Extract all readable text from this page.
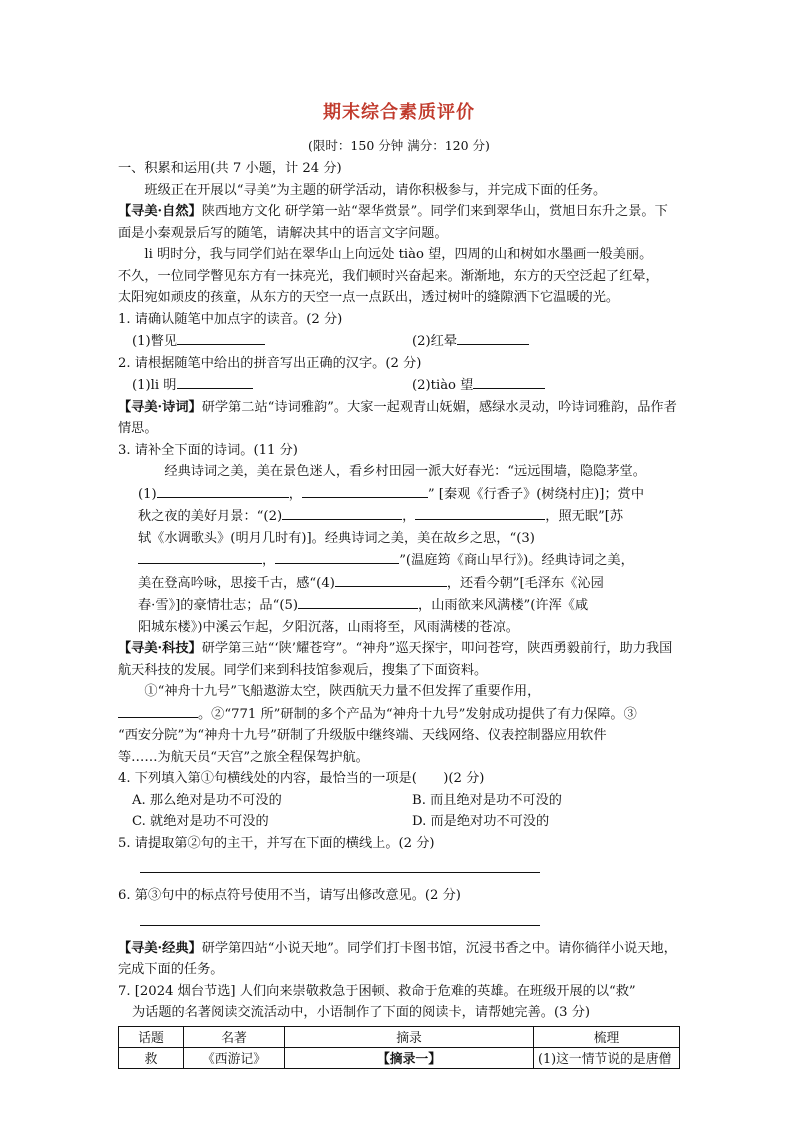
期末综合素质评价
(限时：150 分钟 满分：120 分)

一、积累和运用(共 7 小题，计 24 分)

班级正在开展以“寻美”为主题的研学活动，请你积极参与，并完成下面的任务。

【寻美·自然】陕西地方文化 研学第一站“翠华赏景”。同学们来到翠华山，赏旭日东升之景。下面是小秦观景后写的随笔，请解决其中的语言文字问题。

li 明时分，我与同学们站在翠华山上向远处 tiào 望，四周的山和树如水墨画一般美丽。

不久，一位同学瞥见东方有一抹亮光，我们顿时兴奋起来。渐渐地，东方的天空泛起了红晕，

太阳宛如顽皮的孩童，从东方的天空一点一点跃出，透过树叶的缝隙洒下它温暖的光。

1. 请确认随笔中加点字的读音。(2 分)

(1)瞥见	(2)红晕

2. 请根据随笔中给出的拼音写出正确的汉字。(2 分)

(1)li 明	(2)tiào 望

【寻美·诗词】研学第二站“诗词雅韵”。大家一起观青山妩媚，感绿水灵动，吟诗词雅韵，品作者情思。

3. 请补全下面的诗词。(11 分)

经典诗词之美，美在景色迷人，看乡村田园一派大好春光：“远远围墙，隐隐茅堂。

(1)	，	” [秦观《行香子》(树绕村庄)]；赏中

秋之夜的美好月景：“(2)	，	，照无眠”[苏

轼《水调歌头》(明月几时有)]。经典诗词之美，美在故乡之思，“(3)

，	”(温庭筠《商山早行》)。经典诗词之美，

美在登高吟咏，思接千古，感“(4)	，还看今朝”[毛泽东《沁园

春·雪》]的豪情壮志；品“(5)	，山雨欲来风满楼”(许浑《咸

阳城东楼》)中溪云乍起，夕阳沉落，山雨将至，风雨满楼的苍凉。

【寻美·科技】研学第三站“‘陕’耀苍穹”。“神舟”巡天探宇，叩问苍穹，陕西勇毅前行，助力我国航天科技的发展。同学们来到科技馆参观后，搜集了下面资料。

①“神舟十九号”飞船遨游太空，陕西航天力量不但发挥了重要作用，

。②“771 所”研制的多个产品为“神舟十九号”发射成功提供了有力保障。③

“西安分院”为“神舟十九号”研制了升级版中继终端、天线网络、仪表控制器应用软件

等……为航天员“天宫”之旅全程保驾护航。

4. 下列填入第①句横线处的内容，最恰当的一项是(　　)(2 分)

A. 那么绝对是功不可没的	B. 而且绝对是功不可没的
C. 就绝对是功不可没的	D. 而是绝对功不可没的

5. 请提取第②句的主干，并写在下面的横线上。(2 分)

6. 第③句中的标点符号使用不当，请写出修改意见。(2 分)

【寻美·经典】研学第四站“小说天地”。同学们打卡图书馆，沉浸书香之中。请你徜徉小说天地，完成下面的任务。

7. [2024 烟台节选] 人们向来崇敬救急于困顿、救命于危难的英雄。在班级开展的以“救”

为话题的名著阅读交流活动中，小语制作了下面的阅读卡，请帮她完善。(3 分)

话题	名著	摘录	梳理
救	《西游记》	【摘录一】	(1)这一情节说的是唐僧
